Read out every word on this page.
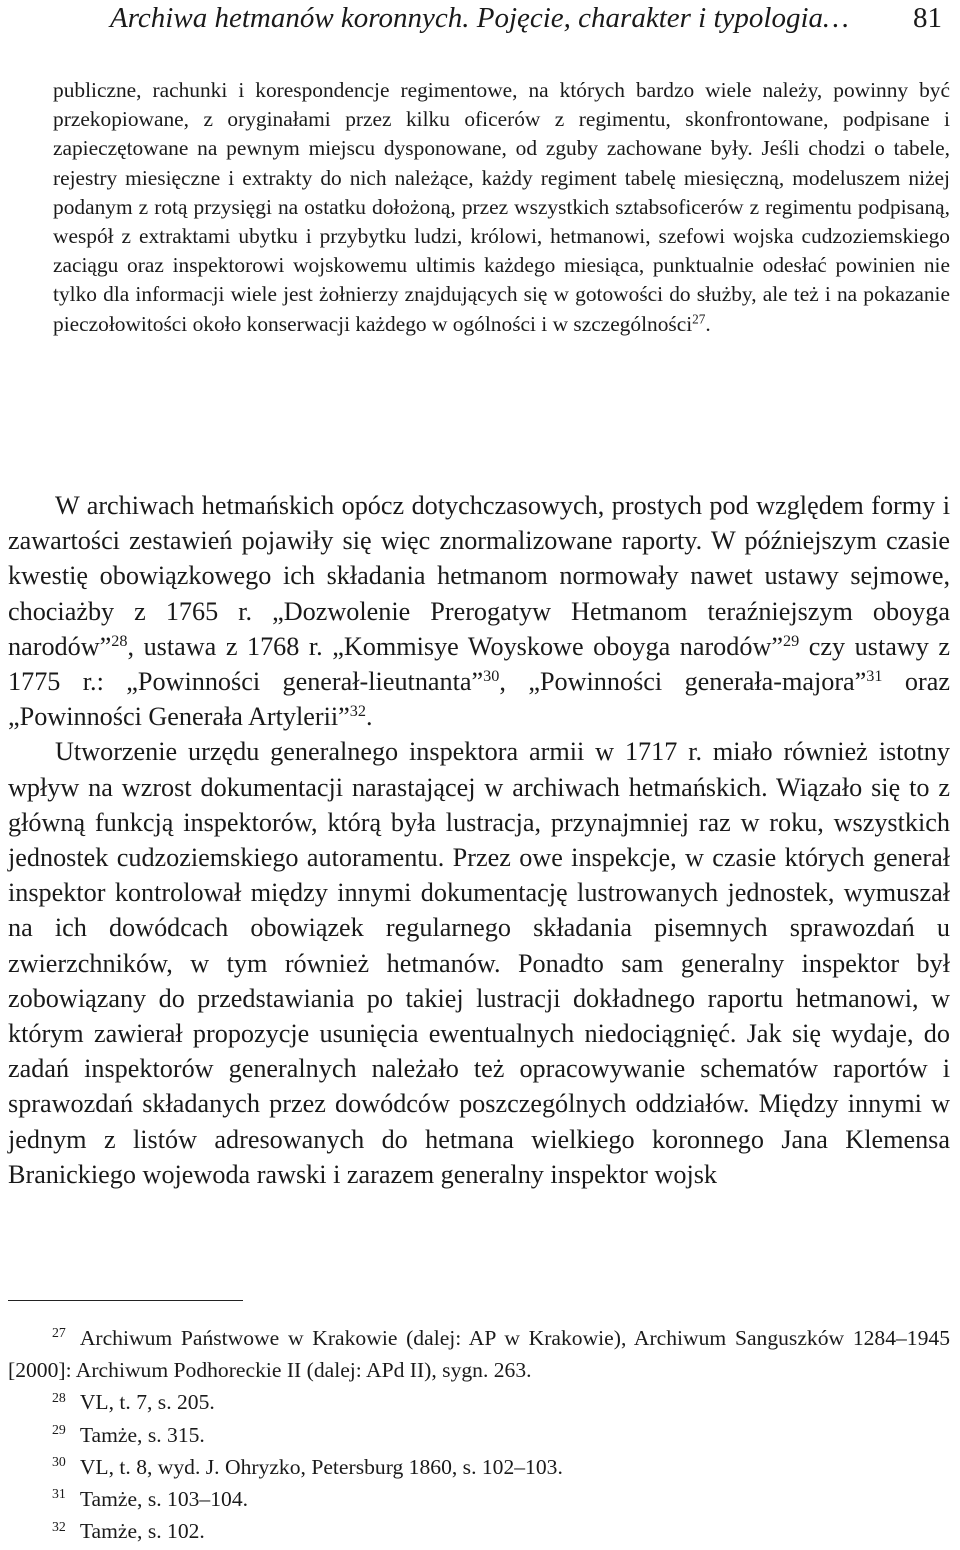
Archiwa hetmanów koronnych. Pojęcie, charakter i typologia… 81

publiczne, rachunki i korespondencje regimentowe, na których bardzo wiele należy, powinny być przekopiowane, z oryginałami przez kilku oficerów z regimentu, skonfrontowane, podpisane i zapieczętowane na pewnym miejscu dysponowane, od zguby zachowane były. Jeśli chodzi o tabele, rejestry miesięczne i extrakty do nich należące, każdy regiment tabelę miesięczną, modeluszem niżej podanym z rotą przysięgi na ostatku dołożoną, przez wszystkich sztabsoficerów z regimentu podpisaną, wespół z extraktami ubytku i przybytku ludzi, królowi, hetmanowi, szefowi wojska cudzoziemskiego zaciągu oraz inspektorowi wojskowemu ultimis każdego miesiąca, punktualnie odesłać powinien nie tylko dla informacji wiele jest żołnierzy znajdujących się w gotowości do służby, ale też i na pokazanie pieczołowitości około konserwacji każdego w ogólności i w szczególności$^{27}$.

W archiwach hetmańskich opócz dotychczasowych, prostych pod względem formy i zawartości zestawień pojawiły się więc znormalizowane raporty. W późniejszym czasie kwestię obowiązkowego ich składania hetmanom normowały nawet ustawy sejmowe, chociażby z 1765 r. „Dozwolenie Prerogatyw Hetmanom teraźniejszym oboyga narodów”$^{28}$, ustawa z 1768 r. „Kommisye Woyskowe oboyga narodów”$^{29}$ czy ustawy z 1775 r.: „Powinności generał-lieutnanta”$^{30}$, „Powinności generała-majora”$^{31}$ oraz „Powinności Generała Artylerii”$^{32}$.

Utworzenie urzędu generalnego inspektora armii w 1717 r. miało również istotny wpływ na wzrost dokumentacji narastającej w archiwach hetmańskich. Wiązało się to z główną funkcją inspektorów, którą była lustracja, przynajmniej raz w roku, wszystkich jednostek cudzoziemskiego autoramentu. Przez owe inspekcje, w czasie których generał inspektor kontrolował między innymi dokumentację lustrowanych jednostek, wymuszał na ich dowódcach obowiązek regularnego składania pisemnych sprawozdań u zwierzchników, w tym również hetmanów. Ponadto sam generalny inspektor był zobowiązany do przedstawiania po takiej lustracji dokładnego raportu hetmanowi, w którym zawierał propozycje usunięcia ewentualnych niedociągnięć. Jak się wydaje, do zadań inspektorów generalnych należało też opracowywanie schematów raportów i sprawozdań składanych przez dowódców poszczególnych oddziałów. Między innymi w jednym z listów adresowanych do hetmana wielkiego koronnego Jana Klemensa Branickiego wojewoda rawski i zarazem generalny inspektor wojsk

$^{27}$ Archiwum Państwowe w Krakowie (dalej: AP w Krakowie), Archiwum Sanguszków 1284–1945 [2000]: Archiwum Podhoreckie II (dalej: APd II), sygn. 263.

$^{28}$ VL, t. 7, s. 205.

$^{29}$ Tamże, s. 315.

$^{30}$ VL, t. 8, wyd. J. Ohryzko, Petersburg 1860, s. 102–103.

$^{31}$ Tamże, s. 103–104.

$^{32}$ Tamże, s. 102.
